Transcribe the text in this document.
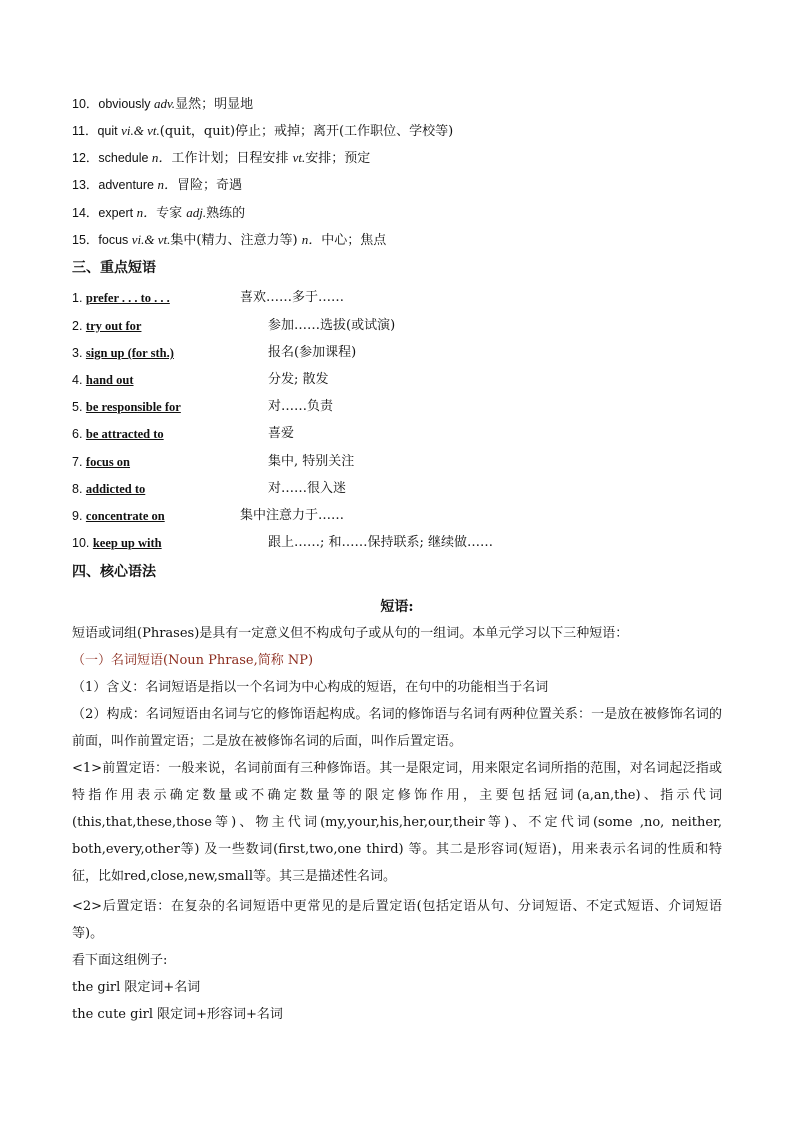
10．obviously adv.显然；明显地
11．quit vi.& vt.(quit，quit)停止；戒掉；离开(工作职位、学校等)
12．schedule n．工作计划；日程安排 vt.安排；预定
13．adventure n．冒险；奇遇
14．expert n．专家 adj.熟练的
15．focus vi.& vt.集中(精力、注意力等) n．中心；焦点
三、重点短语
1. prefer . . . to . . .	喜欢……多于……
2. try out for	参加……选拔(或试演)
3. sign up (for sth.)	报名(参加课程)
4. hand out	分发; 散发
5. be responsible for	对……负责
6. be attracted to	喜爱
7. focus on	集中, 特别关注
8. addicted to	对……很入迷
9. concentrate on	集中注意力于……
10. keep up with	跟上……; 和……保持联系; 继续做……
四、核心语法
短语:
短语或词组(Phrases)是具有一定意义但不构成句子或从句的一组词。本单元学习以下三种短语：
（一）名词短语(Noun Phrase,简称 NP)
（1）含义：名词短语是指以一个名词为中心构成的短语，在句中的功能相当于名词
（2）构成：名词短语由名词与它的修饰语起构成。名词的修饰语与名词有两种位置关系：一是放在被修饰名词的前面，叫作前置定语；二是放在被修饰名词的后面，叫作后置定语。
<1>前置定语：一般来说，名词前面有三种修饰语。其一是限定词，用来限定名词所指的范围，对名词起泛指或特指作用表示确定数量或不确定数量等的限定修饰作用，主要包括冠词(a,an,the)、指示代词(this,that,these,those等)、物主代词(my,your,his,her,our,their等)、不定代词(some ,no, neither, both,every,other等) 及一些数词(first,two,one third) 等。其二是形容词(短语)，用来表示名词的性质和特征，比如red,close,new,small等。其三是描述性名词。
<2>后置定语：在复杂的名词短语中更常见的是后置定语(包括定语从句、分词短语、不定式短语、介词短语等)。
看下面这组例子:
the girl 限定词+名词
the cute girl 限定词+形容词+名词
